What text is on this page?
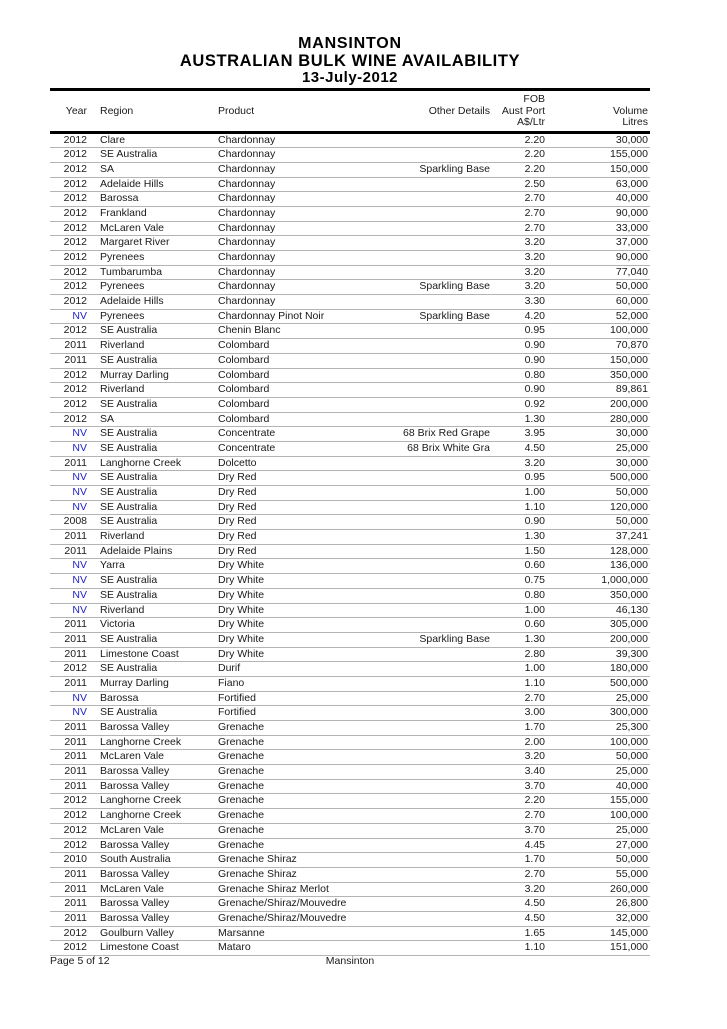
MANSINTON
AUSTRALIAN BULK WINE AVAILABILITY
13-July-2012
Year	Region	Product	Other Details

FOB
Aust Port
A$/Ltr

Volume
Litres

2012	Clare	Chardonnay		2.20	30,000
2012	SE Australia	Chardonnay		2.20	155,000
2012	SA	Chardonnay	Sparkling Base	2.20	150,000
2012	Adelaide Hills	Chardonnay		2.50	63,000
2012	Barossa	Chardonnay		2.70	40,000
2012	Frankland	Chardonnay		2.70	90,000
2012	McLaren Vale	Chardonnay		2.70	33,000
2012	Margaret River	Chardonnay		3.20	37,000
2012	Pyrenees	Chardonnay		3.20	90,000
2012	Tumbarumba	Chardonnay		3.20	77,040
2012	Pyrenees	Chardonnay	Sparkling Base	3.20	50,000
2012	Adelaide Hills	Chardonnay		3.30	60,000
NV	Pyrenees	Chardonnay Pinot Noir	Sparkling Base	4.20	52,000
2012	SE Australia	Chenin Blanc		0.95	100,000
2011	Riverland	Colombard		0.90	70,870
2011	SE Australia	Colombard		0.90	150,000
2012	Murray Darling	Colombard		0.80	350,000
2012	Riverland	Colombard		0.90	89,861
2012	SE Australia	Colombard		0.92	200,000
2012	SA	Colombard		1.30	280,000
NV	SE Australia	Concentrate	68 Brix Red Grape	3.95	30,000
NV	SE Australia	Concentrate	68 Brix White Gra	4.50	25,000
2011	Langhorne Creek	Dolcetto		3.20	30,000
NV	SE Australia	Dry Red		0.95	500,000
NV	SE Australia	Dry Red		1.00	50,000
NV	SE Australia	Dry Red		1.10	120,000
2008	SE Australia	Dry Red		0.90	50,000
2011	Riverland	Dry Red		1.30	37,241
2011	Adelaide Plains	Dry Red		1.50	128,000
NV	Yarra	Dry White		0.60	136,000
NV	SE Australia	Dry White		0.75	1,000,000
NV	SE Australia	Dry White		0.80	350,000
NV	Riverland	Dry White		1.00	46,130
2011	Victoria	Dry White		0.60	305,000
2011	SE Australia	Dry White	Sparkling Base	1.30	200,000
2011	Limestone Coast	Dry White		2.80	39,300
2012	SE Australia	Durif		1.00	180,000
2011	Murray Darling	Fiano		1.10	500,000
NV	Barossa	Fortified		2.70	25,000
NV	SE Australia	Fortified		3.00	300,000
2011	Barossa Valley	Grenache		1.70	25,300
2011	Langhorne Creek	Grenache		2.00	100,000
2011	McLaren Vale	Grenache		3.20	50,000
2011	Barossa Valley	Grenache		3.40	25,000
2011	Barossa Valley	Grenache		3.70	40,000
2012	Langhorne Creek	Grenache		2.20	155,000
2012	Langhorne Creek	Grenache		2.70	100,000
2012	McLaren Vale	Grenache		3.70	25,000
2012	Barossa Valley	Grenache		4.45	27,000
2010	South Australia	Grenache Shiraz		1.70	50,000
2011	Barossa Valley	Grenache Shiraz		2.70	55,000
2011	McLaren Vale	Grenache Shiraz Merlot		3.20	260,000
2011	Barossa Valley	Grenache/Shiraz/Mouvedre		4.50	26,800
2011	Barossa Valley	Grenache/Shiraz/Mouvedre		4.50	32,000
2012	Goulburn Valley	Marsanne		1.65	145,000
2012	Limestone Coast	Mataro		1.10	151,000
Page 5 of 12	Mansinton
